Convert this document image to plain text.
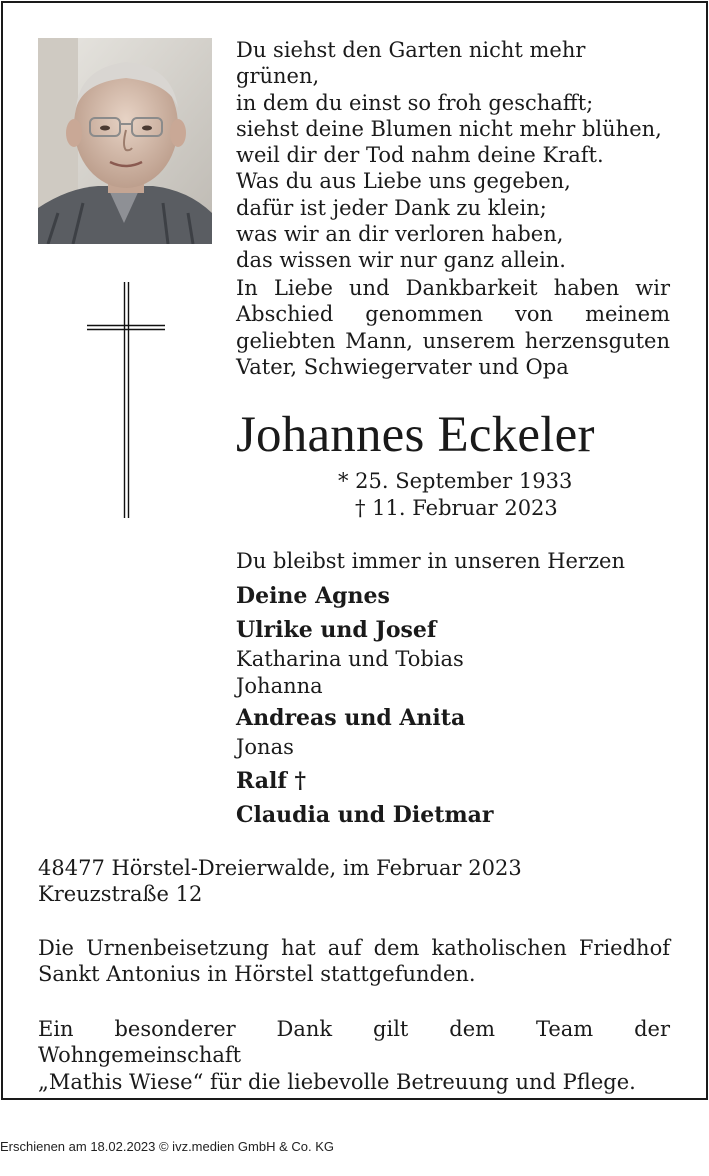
Du siehst den Garten nicht mehr grünen,
in dem du einst so froh geschafft;
siehst deine Blumen nicht mehr blühen,
weil dir der Tod nahm deine Kraft.
Was du aus Liebe uns gegeben,
dafür ist jeder Dank zu klein;
was wir an dir verloren haben,
das wissen wir nur ganz allein.
In Liebe und Dankbarkeit haben wir
Abschied genommen von meinem
geliebten Mann, unserem herzensguten
Vater, Schwiegervater und Opa
Johannes Eckeler
* 25. September 1933
† 11. Februar 2023
Du bleibst immer in unseren Herzen
Deine Agnes
Ulrike und Josef
Katharina und Tobias
Johanna
Andreas und Anita
Jonas
Ralf †
Claudia und Dietmar
48477 Hörstel-Dreierwalde, im Februar 2023
Kreuzstraße 12
Die Urnenbeisetzung hat auf dem katholischen Friedhof
Sankt Antonius in Hörstel stattgefunden.
Ein besonderer Dank gilt dem Team der Wohngemeinschaft
„Mathis Wiese“ für die liebevolle Betreuung und Pflege.
Erschienen am 18.02.2023 © ivz.medien GmbH & Co. KG
